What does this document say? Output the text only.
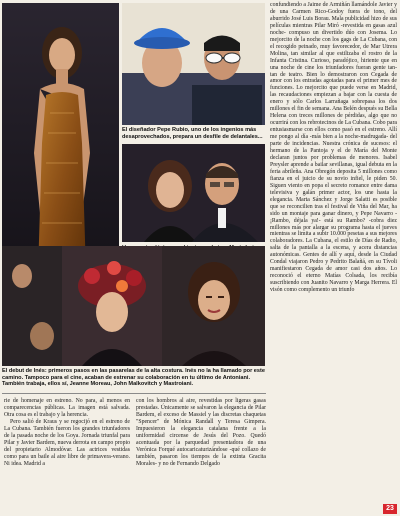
El diseñador Pepe Rubio, uno de los ingenios más desaprovechados, prepara un desfile de delantales...
El debut de Inés: primeros pasos en las pasarelas de la alta costura. Inés no la ha llamado por este camino. Tampoco para el cine, acaban de estrenar su colaboración en tu último de Antoniani. También trabaja, ellos sí, Jeanne Moreau, John Malkovitch y Mastroiani.

confundiendo a Jaime de Armiñán llamándole Javier y de una Carmen Rico-Godoy fuera de tono, del aburrido José Luis Borau. Mala publicidad hizo de sus películas mientras Pilar Miró -revestida en gasas azul noche- compuso un divertido dúo con Josema. Lo mejorcito de la noche con los gags de La Cubana, con el recogido peinado, muy favorecedor, de Mar Utrera Molina, tan similar al que estilizaba el rostro de la Infanta Cristina. Curioso, paradójico, hiriente que en una noche de cine los triunfadores fueran gente tan-tan de teatro. Bien lo demostraron con Cegada de amor con los entradas agotadas para el primer mes de funciones. Lo mejorcito que puede verse en Madrid, las recaudaciones empiezan a bajar con la cuesta de enero y sólo Carlos Larrañaga sobrepasa los dos millones el fin de semana. Ana Belén después su Bella Helena con treces millones de pérdidas, algo que no ocurrirá con los rebrotecinos de La Cubana. Cobo para entusiasmarse con ellos como pasó en el estreno. Allí me pongo al día -más bien a la noche-madrugada- del parte de incidencias. Nuestra crónica de sucesos: el hermano de la Pantoja y el de María del Monte declaran juntos por problemas de menores. Isabel Preysler aprende a bailar sevillanas, igual debuta en la feria abrileña. Ana Obregón deposita 5 millones como fianza en el juicio de su novio infiel, le piden 50. Siguen viento en popa el secreto romance entre dama televisiva y galán primer actor, los une hasta la elegancia. Marta Sánchez y Jorge Salatti es posible que se reconcilien tras el festival de Viña del Mar, ha sido un montaje para ganar dinero, y Pepe Navarro -¡Rambo, déjala ya!- está su Rambo? -cobra diez millones más por alargar su programa hasta el jueves mientras se limita a subir 10.000 pesetas a sus mejores colaboradores. La Cubana, el estilo de Días de Radio, salta de la pantalla a la escena, y acera distancias autonómicas. Gentes de allí y aquí, desde la Ciudad Condal viajaron Pedro y Pedrito Balañá, en su Tívoli manifiestaron Cegada de amor casi dos años. Lo reconoció el eterno Matías Colsada, los recibía suscribiendo con Juanito Navarro y Marga Herrera. El visón como complemento un triunfo

rie de homenaje en estreno. No para, al menos en comparecencias públicas. La imagen está salvada. Otra cosa es el trabajo y la herencia.

Pero salió de Kraus y se regocijó en el estreno de La Cubana. También fueron los grandes triunfadores de la pasada noche de los Goya. Jornada triunfal para Pilar y Javier Bardem, nueva derrota en campo propio del propietario Almodóvar. Las actrices vestidas como para un baile al aire libre de primavera-verano. Ni idea. Madrid a

con los hombros al aire, revestidas por ligeras gasas prestadas. Únicamente se salvaron la elegancia de Pilar Bardem, el exceso de Massiel y las discretas chaquetas "Spencer" de Mónica Randall y Teresa Gimpera. Impuesieron la elegancia catalana frente a la uniformidad circense de Jesús del Pozo. Quedó acentuada por la parquedad presentadora de una Verónica Forqué autocaricaturizándose -qué collazo de también, pasaron los tiempos de la extinta Gracita Morales- y no de Fernando Delgado

23
